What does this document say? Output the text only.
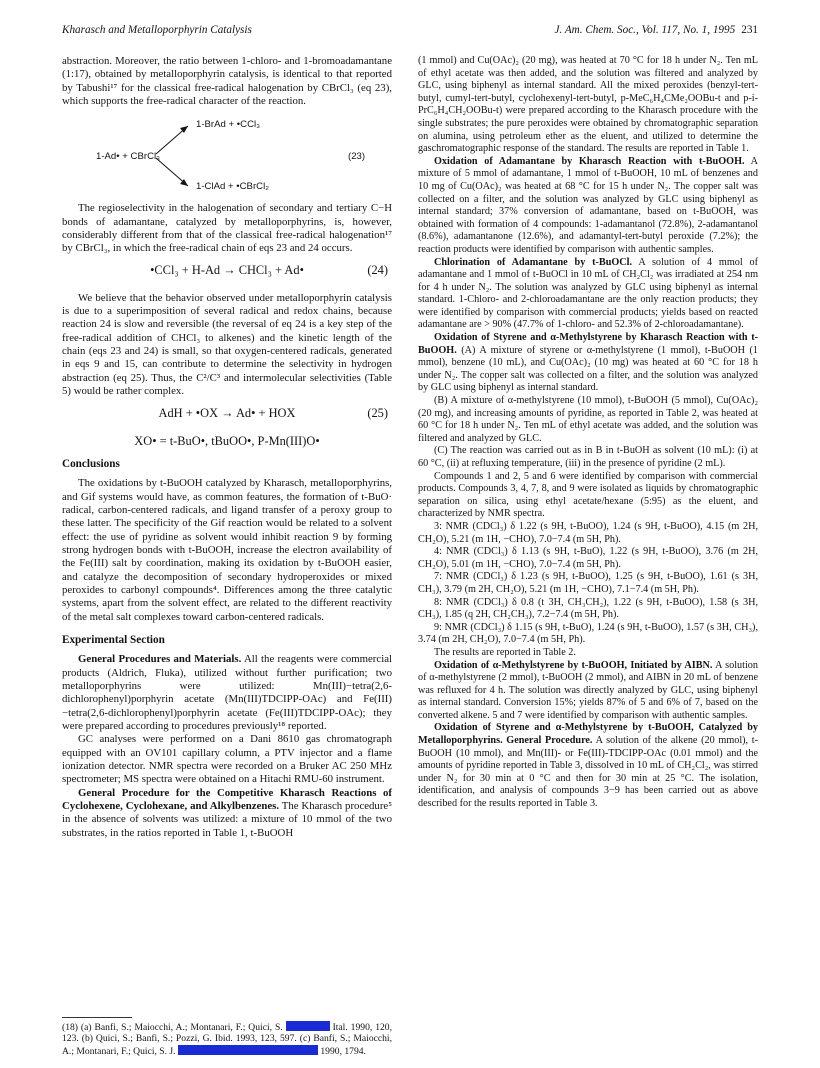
Kharasch and Metalloporphyrin Catalysis	J. Am. Chem. Soc., Vol. 117, No. 1, 1995 231

abstraction. Moreover, the ratio between 1-chloro- and 1-bromoadamantane (1:17), obtained by metalloporphyrin catalysis, is identical to that reported by Tabushi¹⁷ for the classical free-radical halogenation by CBrCl₃ (eq 23), which supports the free-radical character of the reaction.

1-Ad• + CBrCl₃
1-BrAd + •CCl₃
1-ClAd + •CBrCl₂
(23)

The regioselectivity in the halogenation of secondary and tertiary C−H bonds of adamantane, catalyzed by metalloporphyrins, is, however, considerably different from that of the classical free-radical halogenation¹⁷ by CBrCl₃, in which the free-radical chain of eqs 23 and 24 occurs.

•CCl₃ + H-Ad → CHCl₃ + Ad•	(24)

We believe that the behavior observed under metalloporphyrin catalysis is due to a superimposition of several radical and redox chains, because reaction 24 is slow and reversible (the reversal of eq 24 is a key step of the free-radical addition of CHCl₃ to alkenes) and the kinetic length of the chain (eqs 23 and 24) is small, so that oxygen-centered radicals, generated in eqs 9 and 15, can contribute to determine the selectivity in hydrogen abstraction (eq 25). Thus, the C²/C³ and intermolecular selectivities (Table 5) would be rather complex.

AdH + •OX → Ad• + HOX	(25)
XO• = t-BuO•, tBuOO•, P-Mn(III)O•
Conclusions

The oxidations by t-BuOOH catalyzed by Kharasch, metalloporphyrins, and Gif systems would have, as common features, the formation of t-BuO· radical, carbon-centered radicals, and ligand transfer of a peroxy group to these latter. The specificity of the Gif reaction would be related to a solvent effect: the use of pyridine as solvent would inhibit reaction 9 by forming strong hydrogen bonds with t-BuOOH, increase the electron availability of the Fe(III) salt by coordination, making its oxidation by t-BuOOH easier, and catalyze the decomposition of secondary hydroperoxides or mixed peroxides to carbonyl compounds⁴. Differences among the three catalytic systems, apart from the solvent effect, are related to the different reactivity of the metal salt complexes toward carbon-centered radicals.

Experimental Section

General Procedures and Materials. All the reagents were commercial products (Aldrich, Fluka), utilized without further purification; two metalloporphyrins were utilized: Mn(III)−tetra(2,6-dichlorophenyl)porphyrin acetate (Mn(III)TDCIPP-OAc) and Fe(III)−tetra(2,6-dichlorophenyl)porphyrin acetate (Fe(III)TDCIPP-OAc); they were prepared according to procedures previously¹⁸ reported.

GC analyses were performed on a Dani 8610 gas chromatograph equipped with an OV101 capillary column, a PTV injector and a flame ionization detector. NMR spectra were recorded on a Bruker AC 250 MHz spectrometer; MS spectra were obtained on a Hitachi RMU-60 instrument.

General Procedure for the Competitive Kharasch Reactions of Cyclohexene, Cyclohexane, and Alkylbenzenes. The Kharasch procedure⁵ in the absence of solvents was utilized: a mixture of 10 mmol of the two substrates, in the ratios reported in Table 1, t-BuOOH

(18) (a) Banfi, S.; Maiocchi, A.; Montanari, F.; Quici, S.	Ital. 1990, 120, 123. (b) Quici, S.; Banfi, S.; Pozzi, G. Ibid. 1993, 123, 597. (c) Banfi, S.; Maiocchi, A.; Montanari, F.; Quici, S. J.	1990, 1794.

(1 mmol) and Cu(OAc)₂ (20 mg), was heated at 70 °C for 18 h under N₂. Ten mL of ethyl acetate was then added, and the solution was filtered and analyzed by GLC, using biphenyl as internal standard. All the mixed peroxides (benzyl-tert-butyl, cumyl-tert-butyl, cyclohexenyl-tert-butyl, p-MeC₆H₄CMe₂OOBu-t and p-i-PrC₆H₄CH₂OOBu-t) were prepared according to the Kharasch procedure with the single substrates; the pure peroxides were obtained by chromatographic separation on alumina, using petroleum ether as the eluent, and utilized to determine the gaschromatographic response of the standard. The results are reported in Table 1.

Oxidation of Adamantane by Kharasch Reaction with t-BuOOH. A mixture of 5 mmol of adamantane, 1 mmol of t-BuOOH, 10 mL of benzenes and 10 mg of Cu(OAc)₂ was heated at 68 °C for 15 h under N₂. The copper salt was collected on a filter, and the solution was analyzed by GLC using biphenyl as internal standard; 37% conversion of adamantane, based on t-BuOOH, was obtained with formation of 4 compounds: 1-adamantanol (72.8%), 2-adamantanol (8.6%), adamantanone (12.6%), and adamantyl-tert-butyl peroxide (7.2%); the reaction products were identified by comparison with authentic samples.

Chlorination of Adamantane by t-BuOCl. A solution of 4 mmol of adamantane and 1 mmol of t-BuOCl in 10 mL of CH₂Cl₂ was irradiated at 254 nm for 4 h under N₂. The solution was analyzed by GLC using biphenyl as internal standard. 1-Chloro- and 2-chloroadamantane are the only reaction products; they were identified by comparison with commercial products; yields based on reacted adamantane are > 90% (47.7% of 1-chloro- and 52.3% of 2-chloroadamantane).

Oxidation of Styrene and α-Methylstyrene by Kharasch Reaction with t-BuOOH. (A) A mixture of styrene or α-methylstyrene (1 mmol), t-BuOOH (1 mmol), benzene (10 mL), and Cu(OAc)₂ (10 mg) was heated at 60 °C for 18 h under N₂. The copper salt was collected on a filter, and the solution was analyzed by GLC using biphenyl as internal standard.

(B) A mixture of α-methylstyrene (10 mmol), t-BuOOH (5 mmol), Cu(OAc)₂ (20 mg), and increasing amounts of pyridine, as reported in Table 2, was heated at 60 °C for 18 h under N₂. Ten mL of ethyl acetate was added, and the solution was filtered and analyzed by GLC.

(C) The reaction was carried out as in B in t-BuOH as solvent (10 mL): (i) at 60 °C, (ii) at refluxing temperature, (iii) in the presence of pyridine (2 mL).

Compounds 1 and 2, 5 and 6 were identified by comparison with commercial products. Compounds 3, 4, 7, 8, and 9 were isolated as liquids by chromatographic separation on silica, using ethyl acetate/hexane (5:95) as the eluent, and characterized by NMR spectra.

3: NMR (CDCl₃) δ 1.22 (s 9H, t-BuOO), 1.24 (s 9H, t-BuOO), 4.15 (m 2H, CH₂O), 5.21 (m 1H, −CHO), 7.0−7.4 (m 5H, Ph).

4: NMR (CDCl₃) δ 1.13 (s 9H, t-BuO), 1.22 (s 9H, t-BuOO), 3.76 (m 2H, CH₂O), 5.01 (m 1H, −CHO), 7.0−7.4 (m 5H, Ph).

7: NMR (CDCl₃) δ 1.23 (s 9H, t-BuOO), 1.25 (s 9H, t-BuOO), 1.61 (s 3H, CH₃), 3.79 (m 2H, CH₂O), 5.21 (m 1H, −CHO), 7.1−7.4 (m 5H, Ph).

8: NMR (CDCl₃) δ 0.8 (t 3H, CH₃CH₂), 1.22 (s 9H, t-BuOO), 1.58 (s 3H, CH₃), 1.85 (q 2H, CH₂CH₃), 7.2−7.4 (m 5H, Ph).

9: NMR (CDCl₃) δ 1.15 (s 9H, t-BuO), 1.24 (s 9H, t-BuOO), 1.57 (s 3H, CH₃), 3.74 (m 2H, CH₂O), 7.0−7.4 (m 5H, Ph).

The results are reported in Table 2.

Oxidation of α-Methylstyrene by t-BuOOH, Initiated by AIBN. A solution of α-methylstyrene (2 mmol), t-BuOOH (2 mmol), and AIBN in 20 mL of benzene was refluxed for 4 h. The solution was directly analyzed by GLC, using biphenyl as internal standard. Conversion 15%; yields 87% of 5 and 6% of 7, based on the converted alkene. 5 and 7 were identified by comparison with authentic samples.

Oxidation of Styrene and α-Methylstyrene by t-BuOOH, Catalyzed by Metalloporphyrins. General Procedure. A solution of the alkene (20 mmol), t-BuOOH (10 mmol), and Mn(III)- or Fe(III)-TDCIPP-OAc (0.01 mmol) and the amounts of pyridine reported in Table 3, dissolved in 10 mL of CH₂Cl₂, was stirred under N₂ for 30 min at 0 °C and then for 30 min at 25 °C. The isolation, identification, and analysis of compounds 3−9 has been carried out as above described for the results reported in Table 3.
